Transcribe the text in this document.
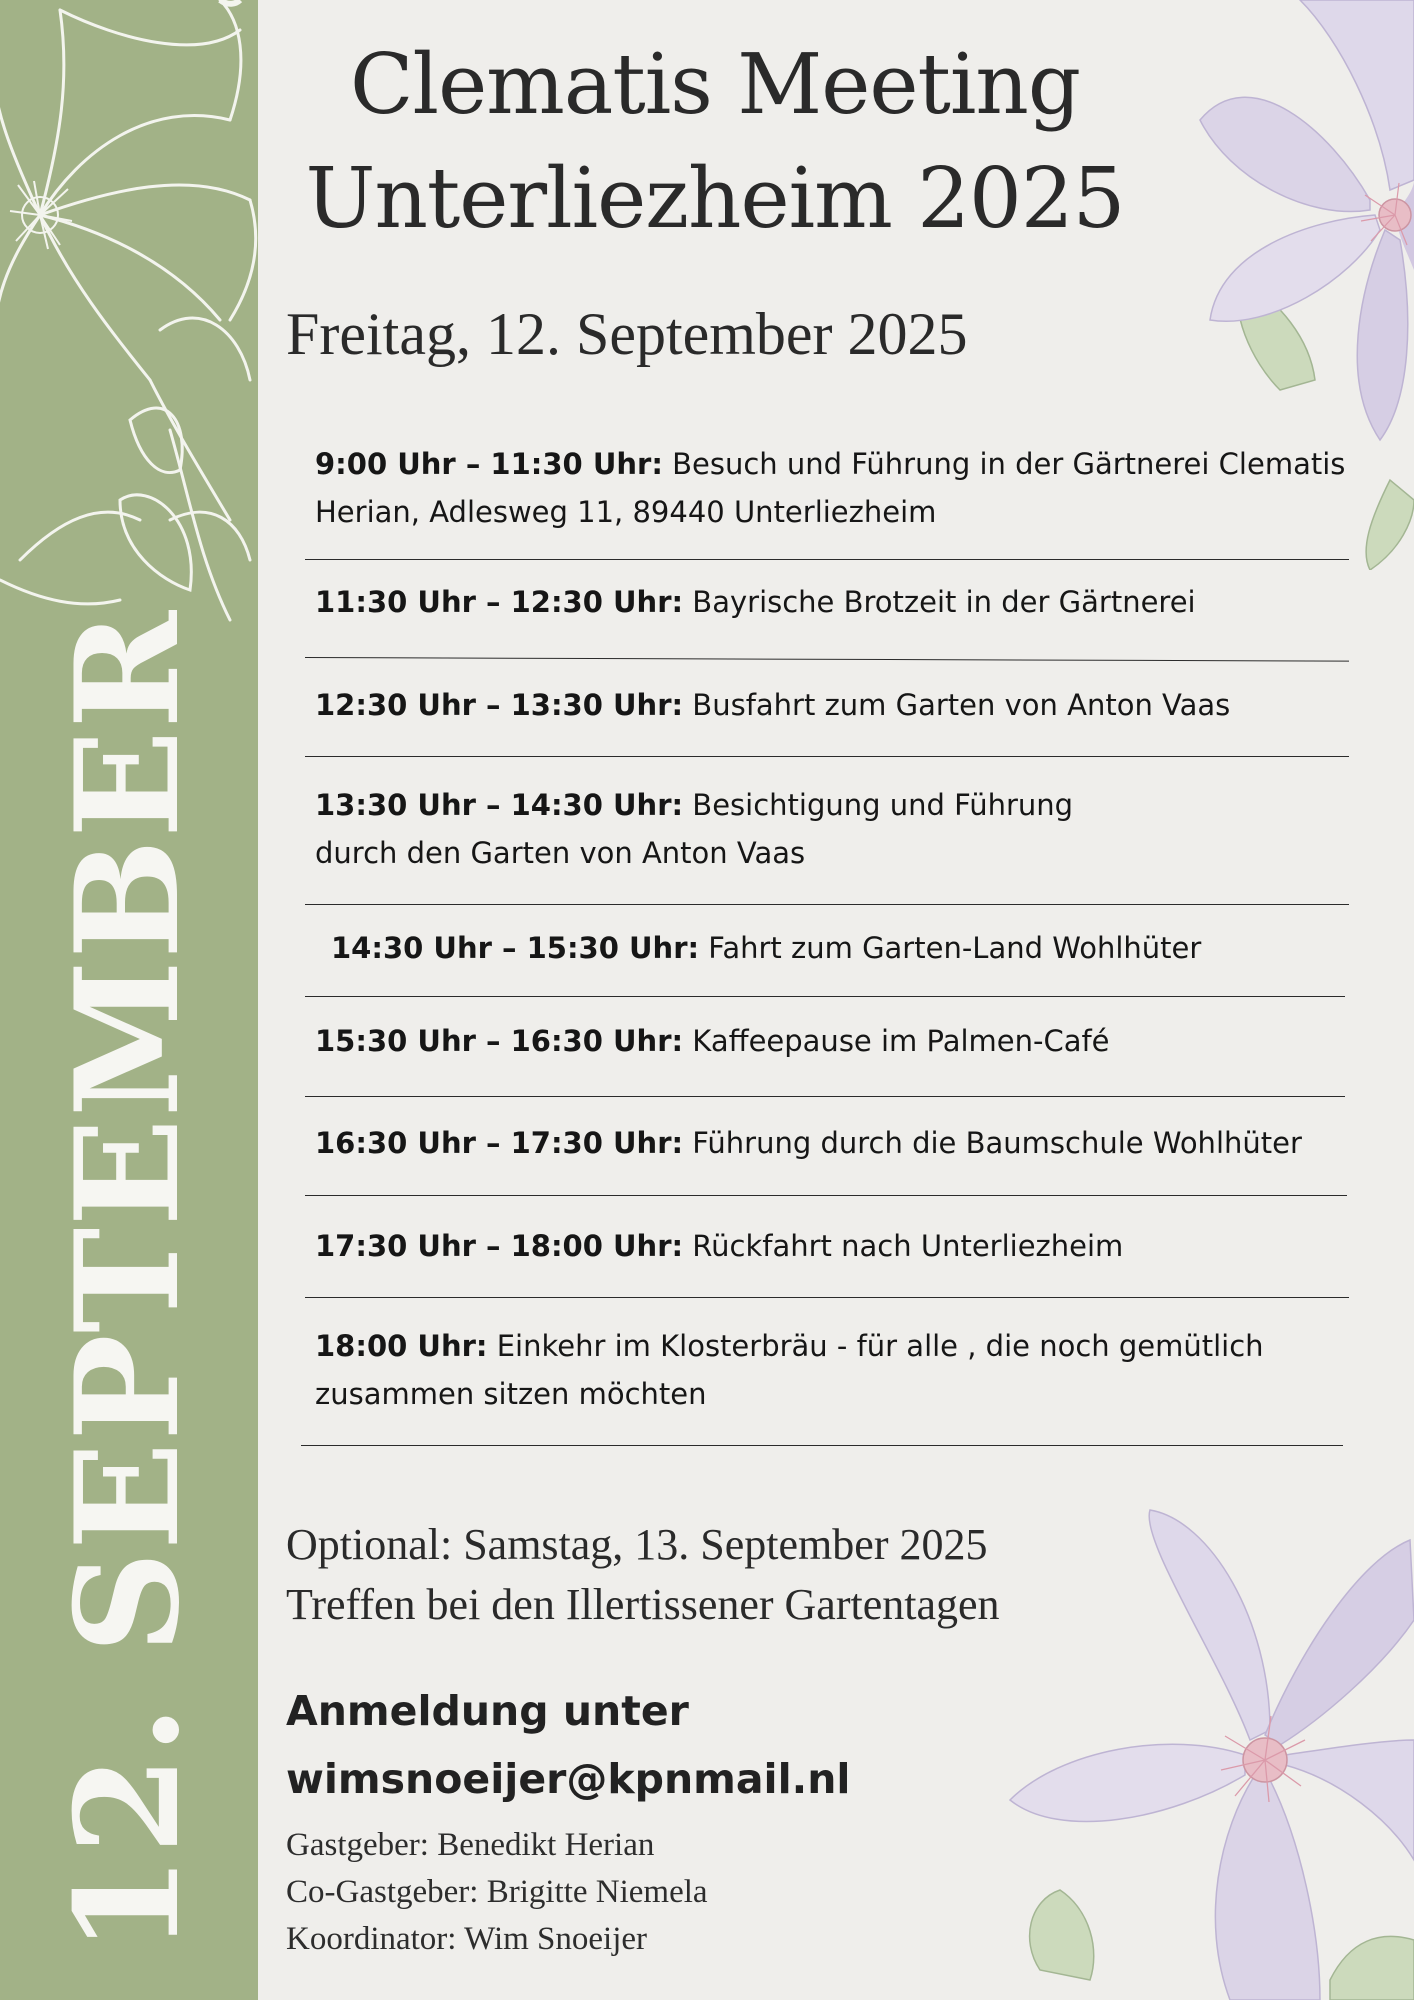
12. SEPTEMBER
Clematis Meeting
Unterliezheim 2025
Freitag, 12. September 2025
9:00 Uhr – 11:30 Uhr: Besuch und Führung in der Gärtnerei Clematis
Herian, Adlesweg 11, 89440 Unterliezheim
11:30 Uhr – 12:30 Uhr: Bayrische Brotzeit in der Gärtnerei
12:30 Uhr – 13:30 Uhr: Busfahrt zum Garten von Anton Vaas
13:30 Uhr – 14:30 Uhr: Besichtigung und Führung
durch den Garten von Anton Vaas
14:30 Uhr – 15:30 Uhr: Fahrt zum Garten-Land Wohlhüter
15:30 Uhr – 16:30 Uhr: Kaffeepause im Palmen-Café
16:30 Uhr – 17:30 Uhr: Führung durch die Baumschule Wohlhüter
17:30 Uhr – 18:00 Uhr: Rückfahrt nach Unterliezheim
18:00 Uhr: Einkehr im Klosterbräu - für alle , die noch gemütlich
zusammen sitzen möchten
Optional: Samstag, 13. September 2025
Treffen bei den Illertissener Gartentagen
Anmeldung unter
wimsnoeijer@kpnmail.nl
Gastgeber: Benedikt Herian
Co-Gastgeber: Brigitte Niemela
Koordinator: Wim Snoeijer
